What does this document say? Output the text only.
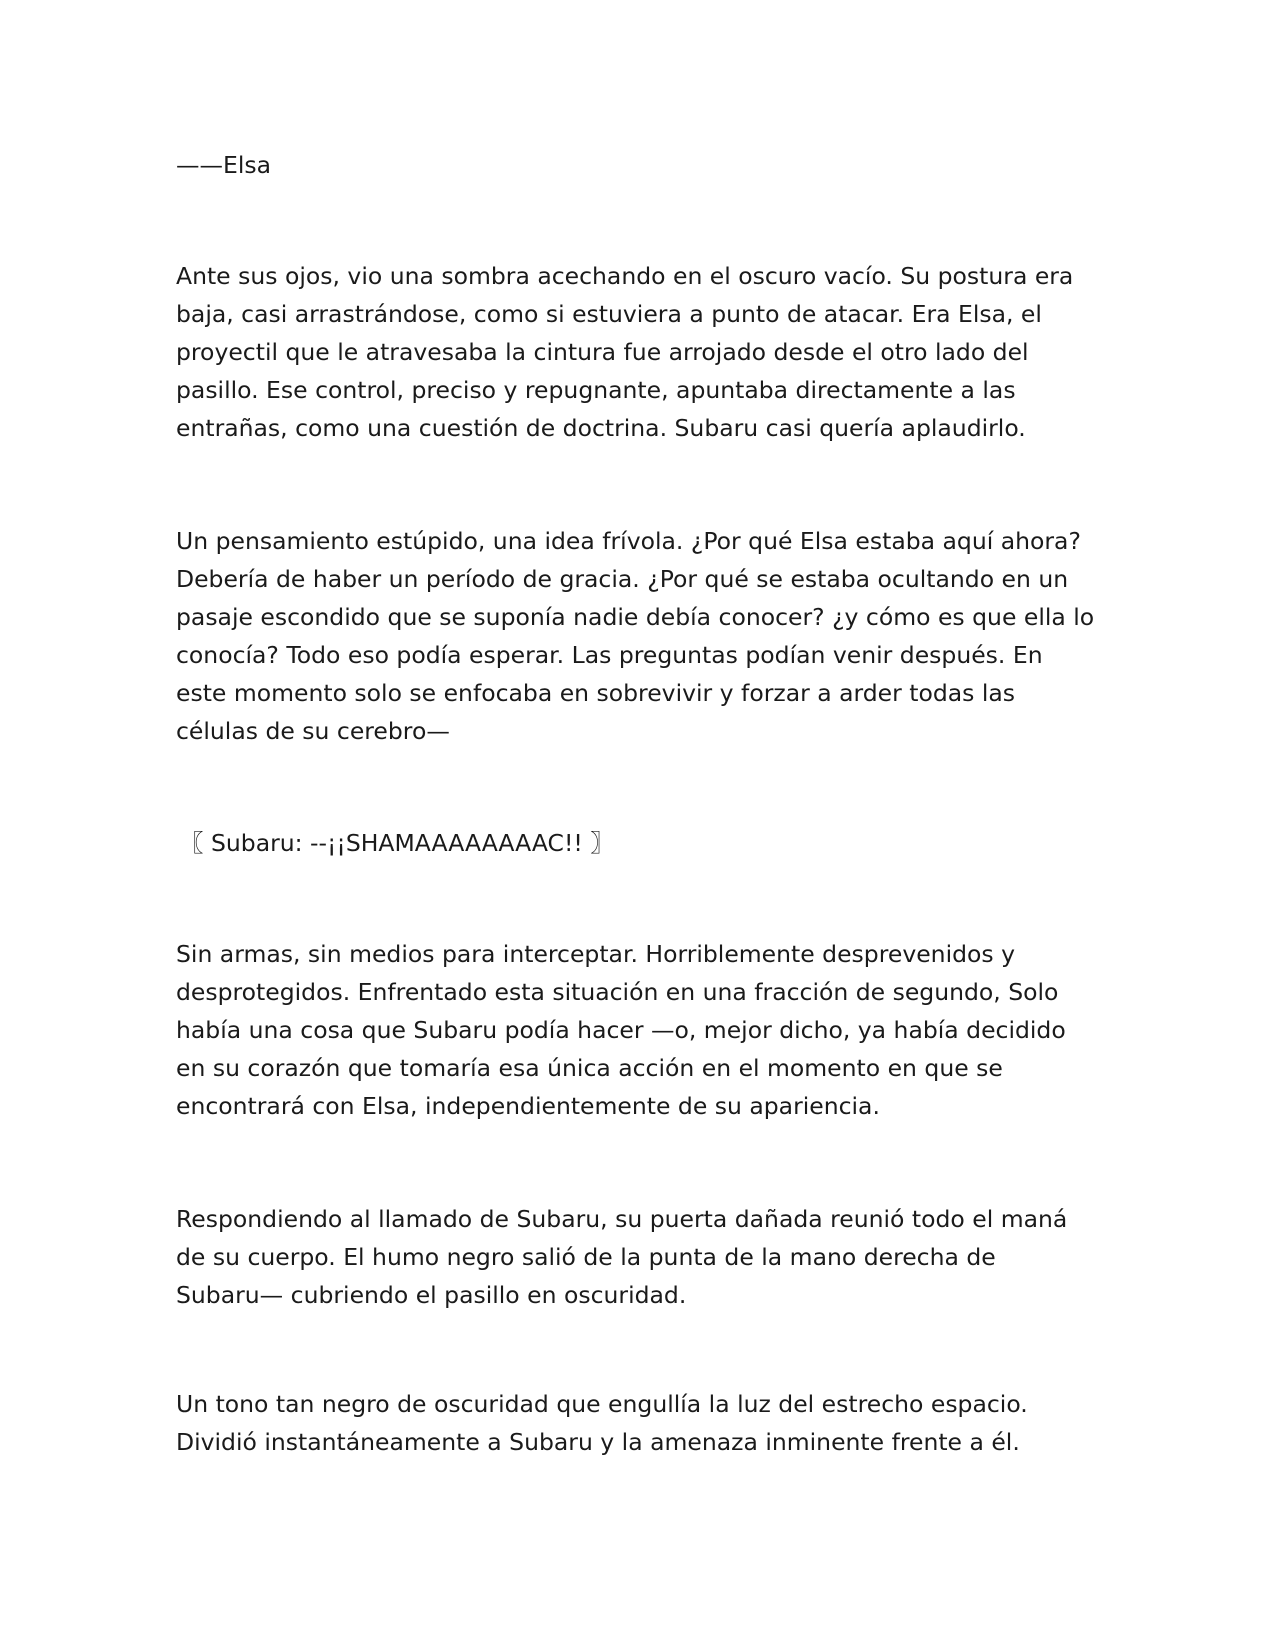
——Elsa

Ante sus ojos, vio una sombra acechando en el oscuro vacío. Su postura era
baja, casi arrastrándose, como si estuviera a punto de atacar. Era Elsa, el
proyectil que le atravesaba la cintura fue arrojado desde el otro lado del
pasillo. Ese control, preciso y repugnante, apuntaba directamente a las
entrañas, como una cuestión de doctrina. Subaru casi quería aplaudirlo.

Un pensamiento estúpido, una idea frívola. ¿Por qué Elsa estaba aquí ahora?
Debería de haber un período de gracia. ¿Por qué se estaba ocultando en un
pasaje escondido que se suponía nadie debía conocer? ¿y cómo es que ella lo
conocía? Todo eso podía esperar. Las preguntas podían venir después. En
este momento solo se enfocaba en sobrevivir y forzar a arder todas las
células de su cerebro—

〖 Subaru: --¡¡SHAMAAAAAAAAC!! 〗

Sin armas, sin medios para interceptar. Horriblemente desprevenidos y
desprotegidos. Enfrentado esta situación en una fracción de segundo, Solo
había una cosa que Subaru podía hacer —o, mejor dicho, ya había decidido
en su corazón que tomaría esa única acción en el momento en que se
encontrará con Elsa, independientemente de su apariencia.

Respondiendo al llamado de Subaru, su puerta dañada reunió todo el maná
de su cuerpo. El humo negro salió de la punta de la mano derecha de
Subaru— cubriendo el pasillo en oscuridad.

Un tono tan negro de oscuridad que engullía la luz del estrecho espacio.
Dividió instantáneamente a Subaru y la amenaza inminente frente a él.
